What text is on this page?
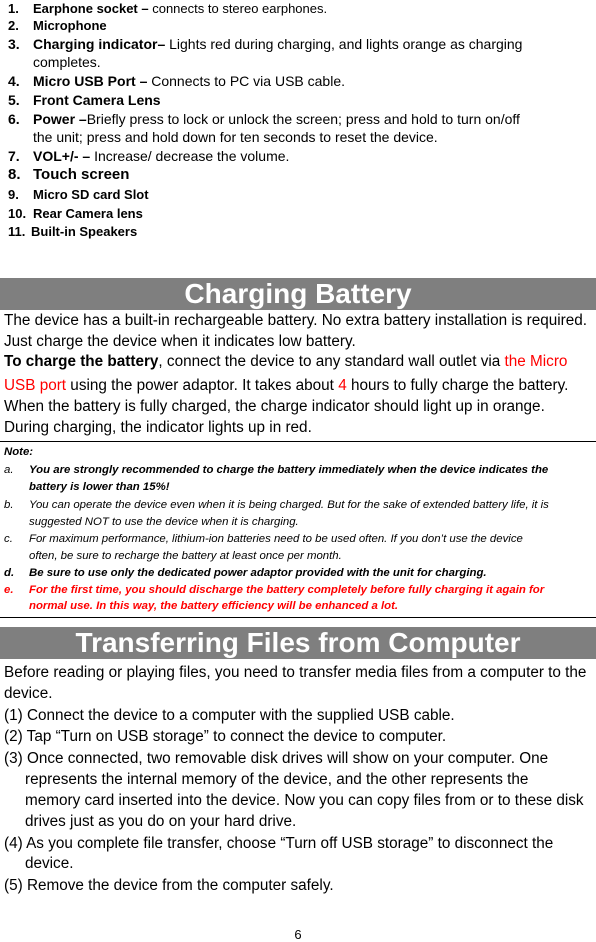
1.	Earphone socket – connects to stereo earphones.
2.	Microphone
3. Charging indicator– Lights red during charging, and lights orange as charging
completes.
4. Micro USB Port – Connects to PC via USB cable.
5. Front Camera Lens
6. Power –Briefly press to lock or unlock the screen; press and hold to turn on/off
the unit; press and hold down for ten seconds to reset the device.
7. VOL+/- – Increase/ decrease the volume.
8. Touch screen
9.	Micro SD card Slot
10. Rear Camera lens
11. Built-in Speakers
Charging Battery
The device has a built-in rechargeable battery. No extra battery installation is required.
Just charge the device when it indicates low battery.
To charge the battery, connect the device to any standard wall outlet via the Micro
USB port using the power adaptor. It takes about 4 hours to fully charge the battery.
When the battery is fully charged, the charge indicator should light up in orange.
During charging, the indicator lights up in red.
Note:
a. You are strongly recommended to charge the battery immediately when the device indicates the
battery is lower than 15%!
b. You can operate the device even when it is being charged. But for the sake of extended battery life, it is
suggested NOT to use the device when it is charging.
c. For maximum performance, lithium-ion batteries need to be used often. If you don’t use the device
often, be sure to recharge the battery at least once per month.
d. Be sure to use only the dedicated power adaptor provided with the unit for charging.
e. For the first time, you should discharge the battery completely before fully charging it again for
normal use. In this way, the battery efficiency will be enhanced a lot.
Transferring Files from Computer
Before reading or playing files, you need to transfer media files from a computer to the
device.
(1) Connect the device to a computer with the supplied USB cable.
(2) Tap “Turn on USB storage” to connect the device to computer.
(3) Once connected, two removable disk drives will show on your computer. One
represents the internal memory of the device, and the other represents the
memory card inserted into the device. Now you can copy files from or to these disk
drives just as you do on your hard drive.
(4) As you complete file transfer, choose “Turn off USB storage” to disconnect the
device.
(5) Remove the device from the computer safely.
6
